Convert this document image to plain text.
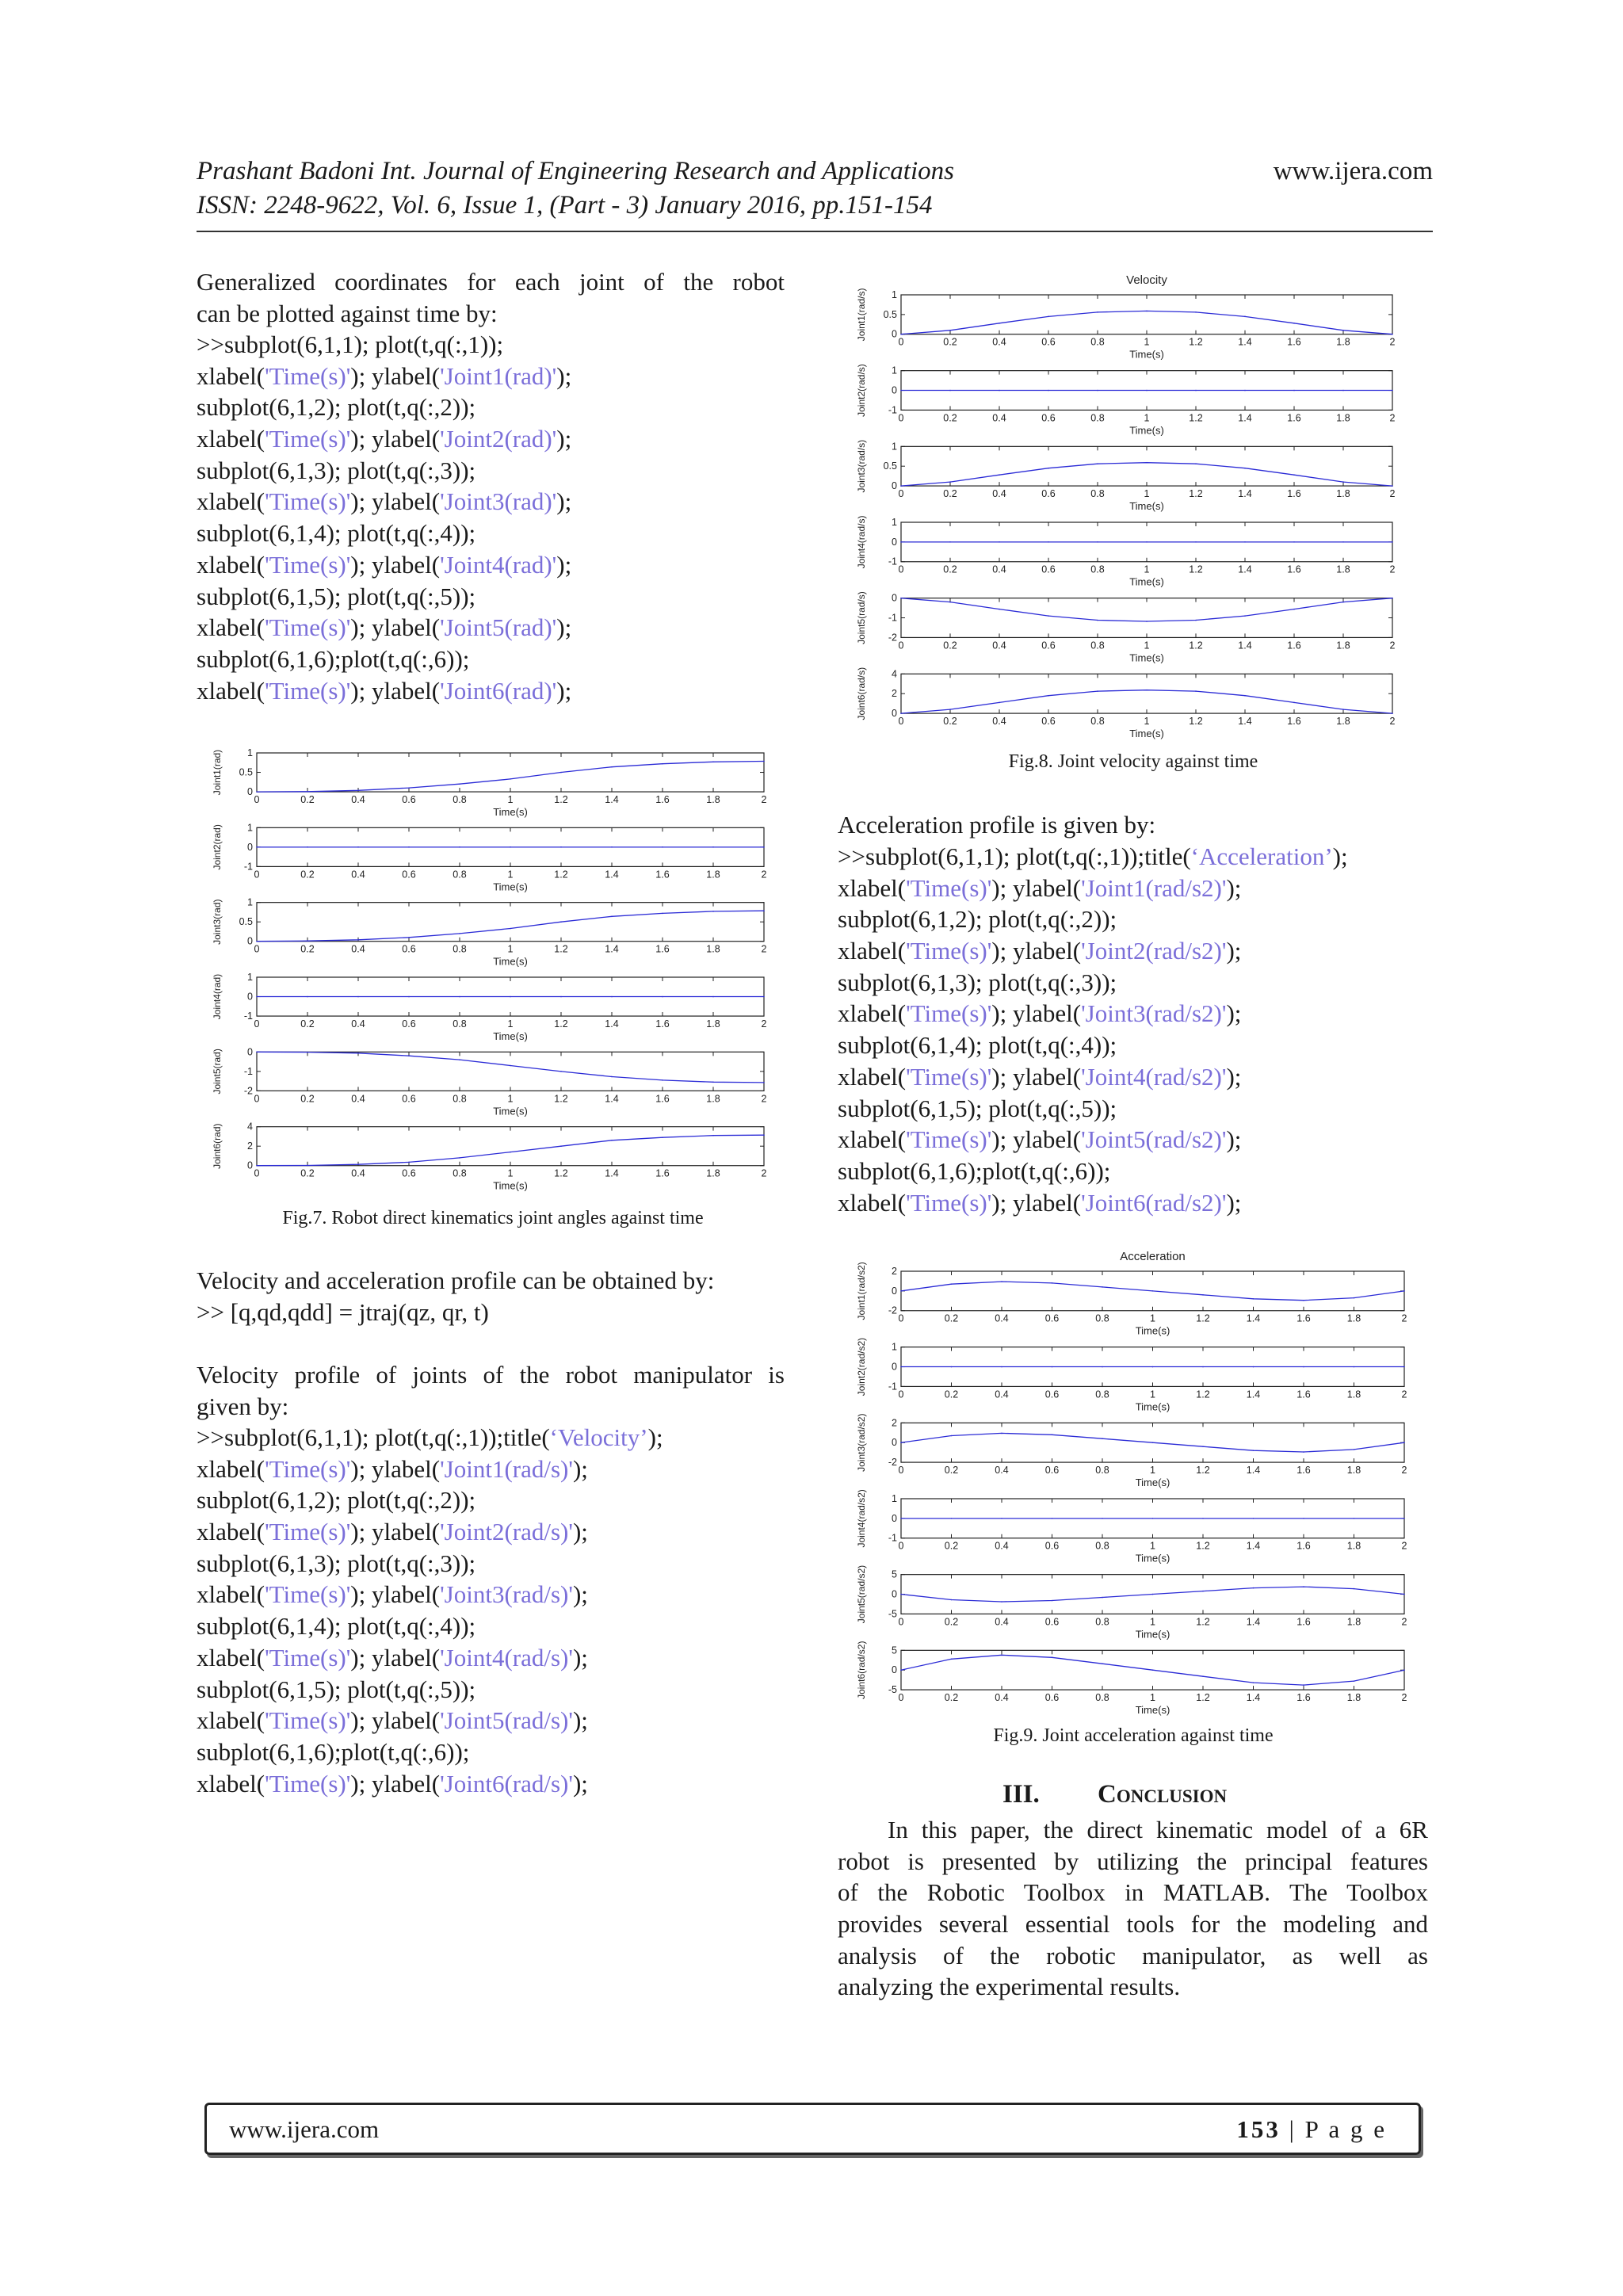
Prashant Badoni Int. Journal of Engineering Research and Applications	www.ijera.com
ISSN: 2248-9622, Vol. 6, Issue 1, (Part - 3) January 2016, pp.151-154
Generalized coordinates for each joint of the robot
can be plotted against time by:
>>subplot(6,1,1); plot(t,q(:,1));
xlabel('Time(s)'); ylabel('Joint1(rad)');
subplot(6,1,2); plot(t,q(:,2));
xlabel('Time(s)'); ylabel('Joint2(rad)');
subplot(6,1,3); plot(t,q(:,3));
xlabel('Time(s)'); ylabel('Joint3(rad)');
subplot(6,1,4); plot(t,q(:,4));
xlabel('Time(s)'); ylabel('Joint4(rad)');
subplot(6,1,5); plot(t,q(:,5));
xlabel('Time(s)'); ylabel('Joint5(rad)');
subplot(6,1,6);plot(t,q(:,6));
xlabel('Time(s)'); ylabel('Joint6(rad)');
0	0.2	0.4	0.6	0.8	1	1.2	1.4	1.6	1.8	2
0
0.5
1
Time(s)
Joint1(rad)
0	0.2	0.4	0.6	0.8	1	1.2	1.4	1.6	1.8	2
-1
0
1
Time(s)
Joint2(rad)
0	0.2	0.4	0.6	0.8	1	1.2	1.4	1.6	1.8	2
0
0.5
1
Time(s)
Joint3(rad)
0	0.2	0.4	0.6	0.8	1	1.2	1.4	1.6	1.8	2
-1
0
1
Time(s)
Joint4(rad)
0	0.2	0.4	0.6	0.8	1	1.2	1.4	1.6	1.8	2
-2
-1
0
Time(s)
Joint5(rad)
0	0.2	0.4	0.6	0.8	1	1.2	1.4	1.6	1.8	2
0
2
4
Time(s)
Joint6(rad)
Fig.7. Robot direct kinematics joint angles against time
Velocity and acceleration profile can be obtained by:
>> [q,qd,qdd] = jtraj(qz, qr, t)
Velocity profile of joints of the robot manipulator is
given by:
>>subplot(6,1,1); plot(t,q(:,1));title(‘Velocity’);
xlabel('Time(s)'); ylabel('Joint1(rad/s)');
subplot(6,1,2); plot(t,q(:,2));
xlabel('Time(s)'); ylabel('Joint2(rad/s)');
subplot(6,1,3); plot(t,q(:,3));
xlabel('Time(s)'); ylabel('Joint3(rad/s)');
subplot(6,1,4); plot(t,q(:,4));
xlabel('Time(s)'); ylabel('Joint4(rad/s)');
subplot(6,1,5); plot(t,q(:,5));
xlabel('Time(s)'); ylabel('Joint5(rad/s)');
subplot(6,1,6);plot(t,q(:,6));
xlabel('Time(s)'); ylabel('Joint6(rad/s)');
Velocity
0	0.2	0.4	0.6	0.8	1	1.2	1.4	1.6	1.8	2
0
0.5
1
Time(s)
Joint1(rad/s)
0	0.2	0.4	0.6	0.8	1	1.2	1.4	1.6	1.8	2
-1
0
1
Time(s)
Joint2(rad/s)
0	0.2	0.4	0.6	0.8	1	1.2	1.4	1.6	1.8	2
0
0.5
1
Time(s)
Joint3(rad/s)
0	0.2	0.4	0.6	0.8	1	1.2	1.4	1.6	1.8	2
-1
0
1
Time(s)
Joint4(rad/s)
0	0.2	0.4	0.6	0.8	1	1.2	1.4	1.6	1.8	2
-2
-1
0
Time(s)
Joint5(rad/s)
0	0.2	0.4	0.6	0.8	1	1.2	1.4	1.6	1.8	2
0
2
4
Time(s)
Joint6(rad/s)
Fig.8. Joint velocity against time
Acceleration profile is given by:
>>subplot(6,1,1); plot(t,q(:,1));title(‘Acceleration’);
xlabel('Time(s)'); ylabel('Joint1(rad/s2)');
subplot(6,1,2); plot(t,q(:,2));
xlabel('Time(s)'); ylabel('Joint2(rad/s2)');
subplot(6,1,3); plot(t,q(:,3));
xlabel('Time(s)'); ylabel('Joint3(rad/s2)');
subplot(6,1,4); plot(t,q(:,4));
xlabel('Time(s)'); ylabel('Joint4(rad/s2)');
subplot(6,1,5); plot(t,q(:,5));
xlabel('Time(s)'); ylabel('Joint5(rad/s2)');
subplot(6,1,6);plot(t,q(:,6));
xlabel('Time(s)'); ylabel('Joint6(rad/s2)');
Acceleration
0	0.2	0.4	0.6	0.8	1	1.2	1.4	1.6	1.8	2
-2
0
2
Time(s)
Joint1(rad/s2)
0	0.2	0.4	0.6	0.8	1	1.2	1.4	1.6	1.8	2
-1
0
1
Time(s)
Joint2(rad/s2)
0	0.2	0.4	0.6	0.8	1	1.2	1.4	1.6	1.8	2
-2
0
2
Time(s)
Joint3(rad/s2)
0	0.2	0.4	0.6	0.8	1	1.2	1.4	1.6	1.8	2
-1
0
1
Time(s)
Joint4(rad/s2)
0	0.2	0.4	0.6	0.8	1	1.2	1.4	1.6	1.8	2
-5
0
5
Time(s)
Joint5(rad/s2)
0	0.2	0.4	0.6	0.8	1	1.2	1.4	1.6	1.8	2
-5
0
5
Time(s)
Joint6(rad/s2)
Fig.9. Joint acceleration against time
III. Conclusion
In this paper, the direct kinematic model of a 6R
robot is presented by utilizing the principal features
of the Robotic Toolbox in MATLAB. The Toolbox
provides several essential tools for the modeling and
analysis of the robotic manipulator, as well as
analyzing the experimental results.
www.ijera.com	153 | P a g e
